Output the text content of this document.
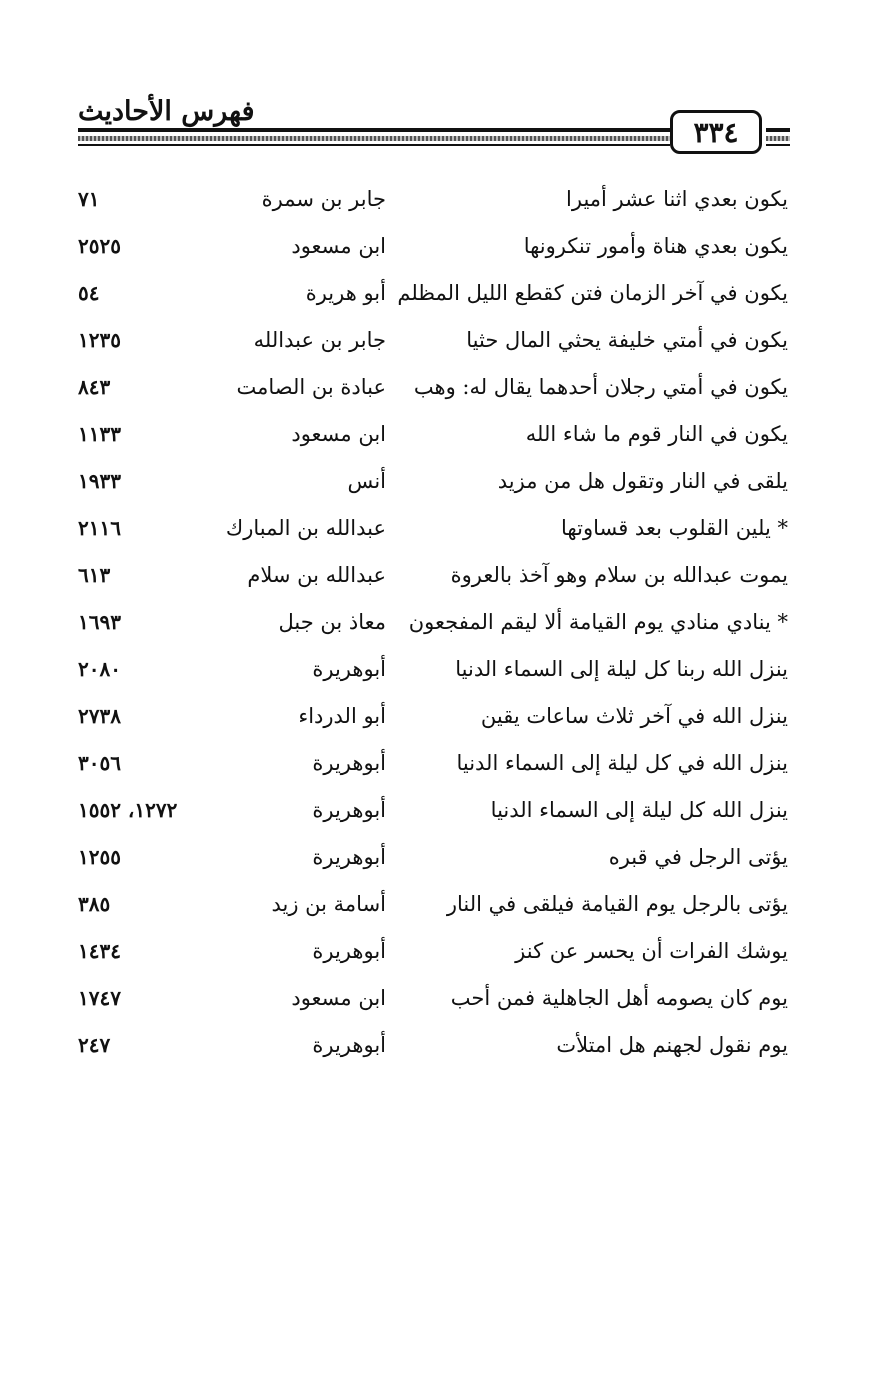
فهرس الأحاديث
٣٣٤
يكون بعدي اثنا عشر أميرا
جابر بن سمرة
٧١
يكون بعدي هناة وأمور تنكرونها
ابن مسعود
٢٥٢٥
يكون في آخر الزمان فتن كقطع الليل المظلم
أبو هريرة
٥٤
يكون في أمتي خليفة يحثي المال حثيا
جابر بن عبدالله
١٢٣٥
يكون في أمتي رجلان أحدهما يقال له: وهب
عبادة بن الصامت
٨٤٣
يكون في النار قوم ما شاء الله
ابن مسعود
١١٣٣
يلقى في النار وتقول هل من مزيد
أنس
١٩٣٣
* يلين القلوب بعد قساوتها
عبدالله بن المبارك
٢١١٦
يموت عبدالله بن سلام وهو آخذ بالعروة
عبدالله بن سلام
٦١٣
* ينادي منادي يوم القيامة ألا ليقم المفجعون
معاذ بن جبل
١٦٩٣
ينزل الله ربنا كل ليلة إلى السماء الدنيا
أبوهريرة
٢٠٨٠
ينزل الله في آخر ثلاث ساعات يقين
أبو الدرداء
٢٧٣٨
ينزل الله في كل ليلة إلى السماء الدنيا
أبوهريرة
٣٠٥٦
ينزل الله كل ليلة إلى السماء الدنيا
أبوهريرة
١٢٧٢، ١٥٥٢
يؤتى الرجل في قبره
أبوهريرة
١٢٥٥
يؤتى بالرجل يوم القيامة فيلقى في النار
أسامة بن زيد
٣٨٥
يوشك الفرات أن يحسر عن كنز
أبوهريرة
١٤٣٤
يوم كان يصومه أهل الجاهلية فمن أحب
ابن مسعود
١٧٤٧
يوم نقول لجهنم هل امتلأت
أبوهريرة
٢٤٧
